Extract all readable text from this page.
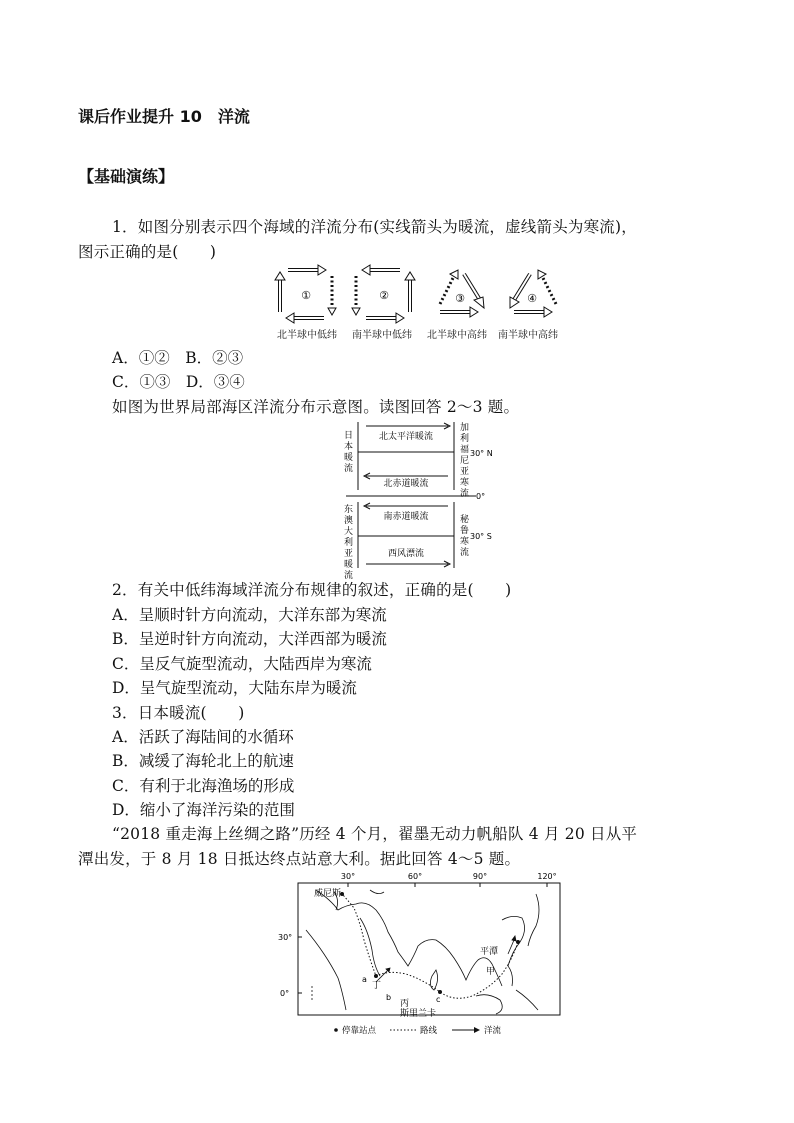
课后作业提升 10　洋流
【基础演练】
1．如图分别表示四个海域的洋流分布(实线箭头为暖流，虚线箭头为寒流)，
图示正确的是(　　)
①	②	③	④
北半球中低纬 南半球中低纬 北半球中高纬 南半球中高纬
A．①②　B．②③
C．①③　D．③④
如图为世界局部海区洋流分布示意图。读图回答 2～3 题。
北太平洋暖流
北赤道暖流
南赤道暖流
西风漂流
30° N
0°
30° S
日
本
暖
流
加
利
福
尼
亚
寒
流
东
澳
大
利
亚
暖
流
秘
鲁
寒
流
2．有关中低纬海域洋流分布规律的叙述，正确的是(　　)
A．呈顺时针方向流动，大洋东部为寒流
B．呈逆时针方向流动，大洋西部为暖流
C．呈反气旋型流动，大陆西岸为寒流
D．呈气旋型流动，大陆东岸为暖流
3．日本暖流(　　)
A．活跃了海陆间的水循环
B．减缓了海轮北上的航速
C．有利于北海渔场的形成
D．缩小了海洋污染的范围
“2018 重走海上丝绸之路”历经 4 个月，翟墨无动力帆船队 4 月 20 日从平
潭出发，于 8 月 18 日抵达终点站意大利。据此回答 4～5 题。
30°	60°	90°	120°
30°
0°
威尼斯
平潭
斯里兰卡
丁
丙
甲
a
b	c
停靠站点	路线	洋流
